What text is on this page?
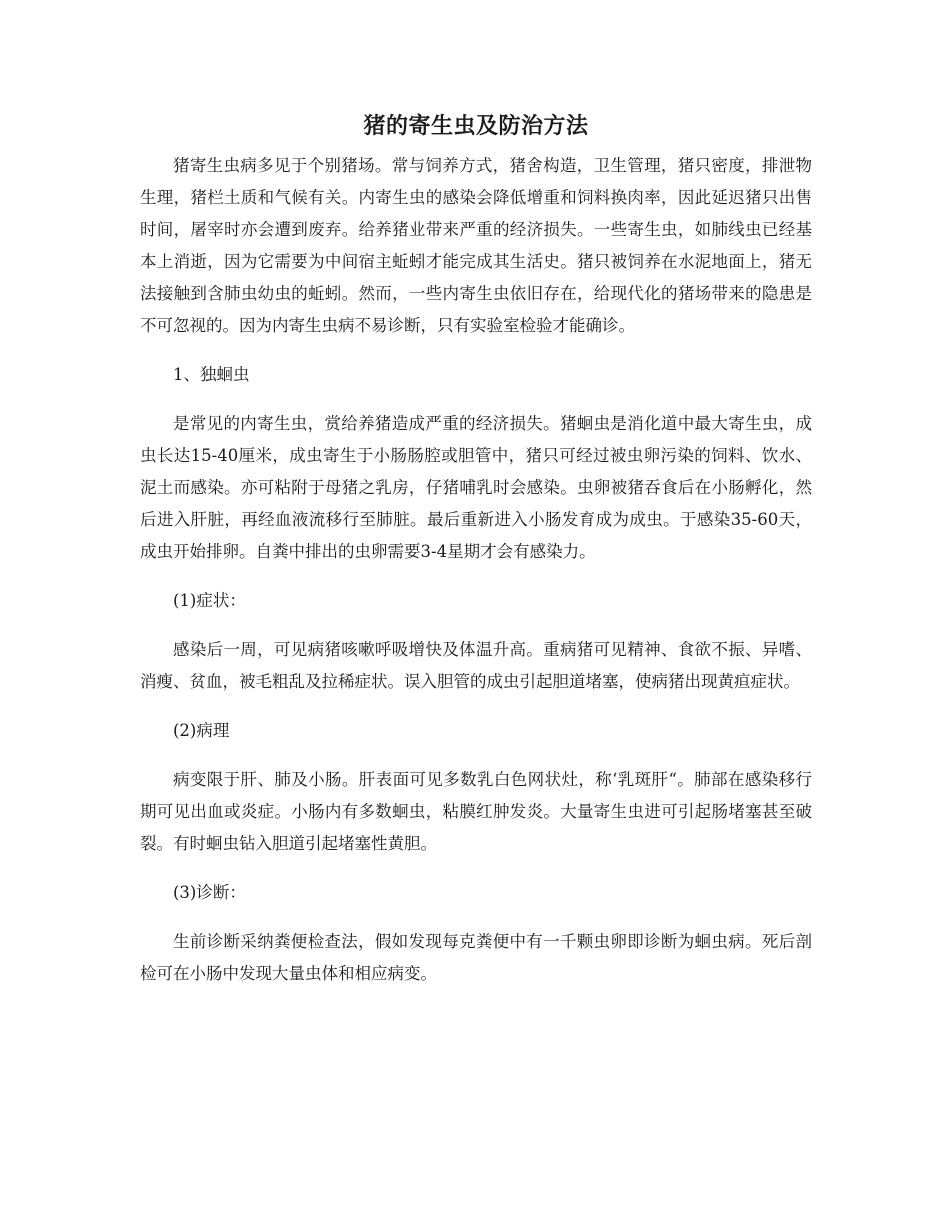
猪的寄生虫及防治方法

猪寄生虫病多见于个别猪场。常与饲养方式，猪舍构造，卫生管理，猪只密度，排泄物生理，猪栏土质和气候有关。内寄生虫的感染会降低增重和饲料换肉率，因此延迟猪只出售时间，屠宰时亦会遭到废弃。给养猪业带来严重的经济损失。一些寄生虫，如肺线虫已经基本上消逝，因为它需要为中间宿主蚯蚓才能完成其生活史。猪只被饲养在水泥地面上，猪无法接触到含肺虫幼虫的蚯蚓。然而，一些内寄生虫依旧存在，给现代化的猪场带来的隐患是不可忽视的。因为内寄生虫病不易诊断，只有实验室检验才能确诊。

1、独蛔虫

是常见的内寄生虫，赏给养猪造成严重的经济损失。猪蛔虫是消化道中最大寄生虫，成虫长达15-40厘米，成虫寄生于小肠肠腔或胆管中，猪只可经过被虫卵污染的饲料、饮水、泥土而感染。亦可粘附于母猪之乳房，仔猪哺乳时会感染。虫卵被猪吞食后在小肠孵化，然后进入肝脏，再经血液流移行至肺脏。最后重新进入小肠发育成为成虫。于感染35-60天，成虫开始排卵。自粪中排出的虫卵需要3-4星期才会有感染力。

(1)症状：

感染后一周，可见病猪咳嗽呼吸增快及体温升高。重病猪可见精神、食欲不振、异嗜、消瘦、贫血，被毛粗乱及拉稀症状。误入胆管的成虫引起胆道堵塞，使病猪出现黄疸症状。

(2)病理

病变限于肝、肺及小肠。肝表面可见多数乳白色网状灶，称‘乳斑肝“。肺部在感染移行期可见出血或炎症。小肠内有多数蛔虫，粘膜红肿发炎。大量寄生虫进可引起肠堵塞甚至破裂。有时蛔虫钻入胆道引起堵塞性黄胆。

(3)诊断：

生前诊断采纳粪便检查法，假如发现每克粪便中有一千颗虫卵即诊断为蛔虫病。死后剖检可在小肠中发现大量虫体和相应病变。
